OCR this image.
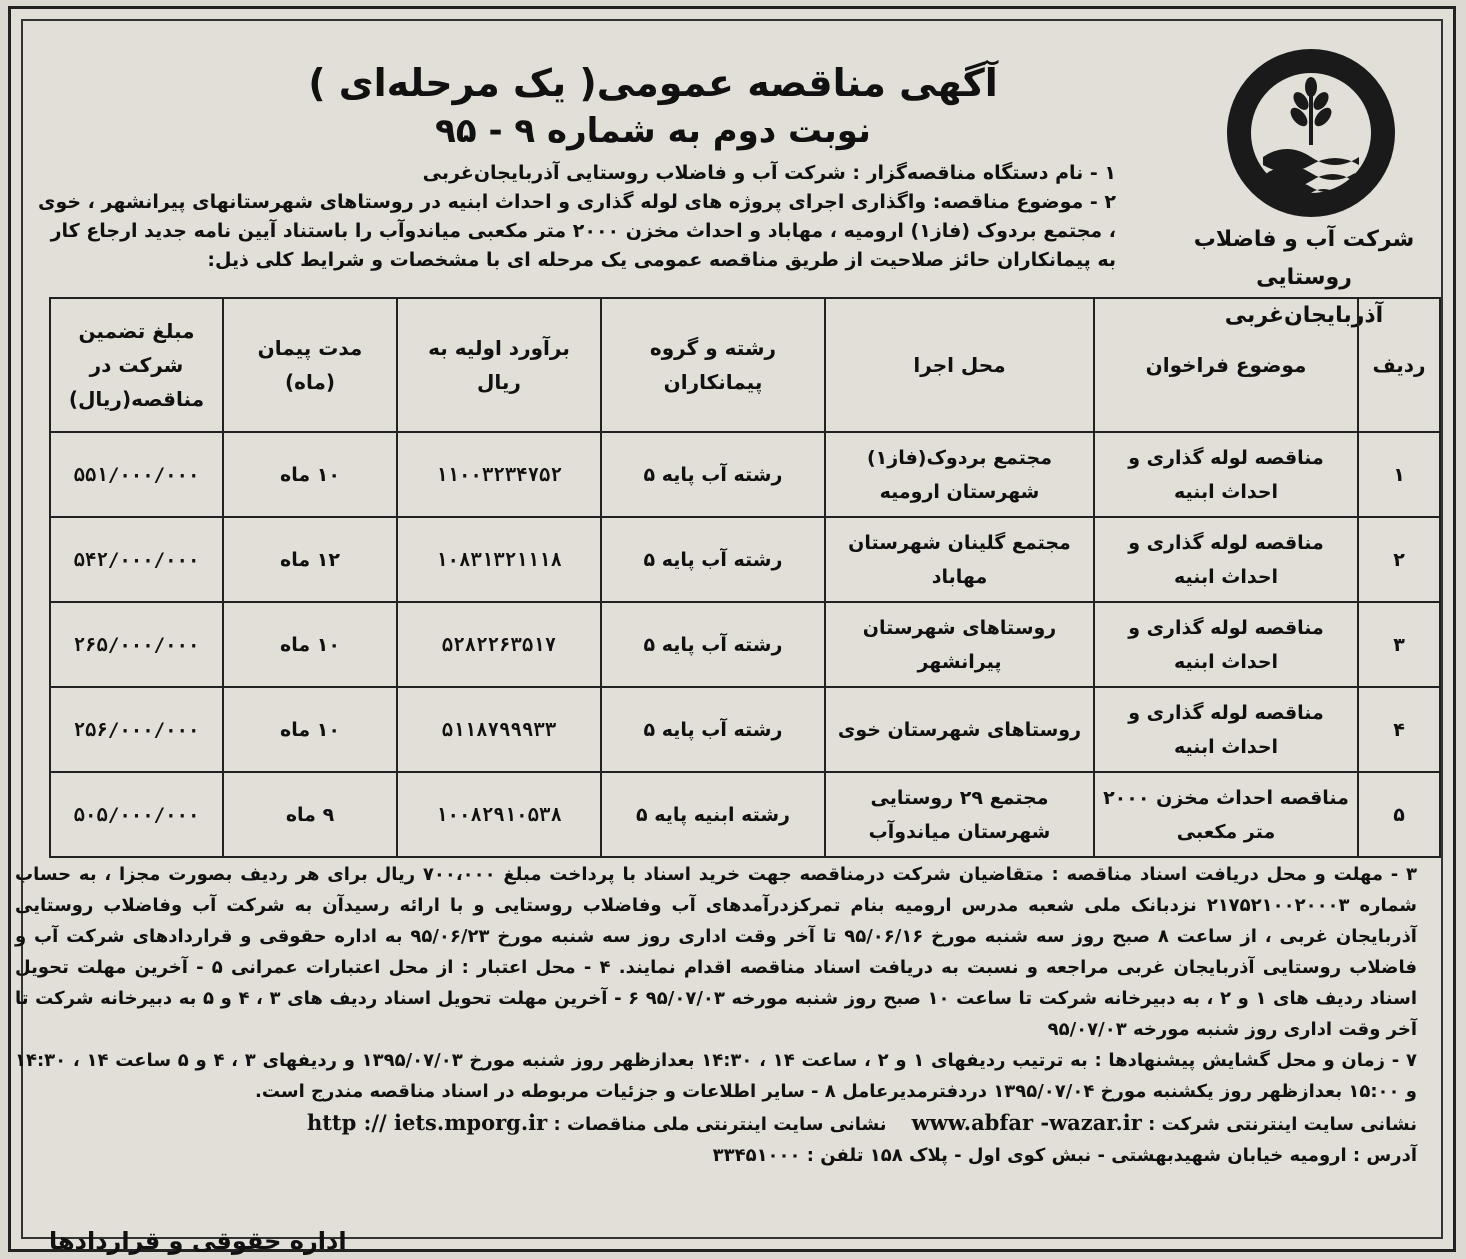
شرکت آب و فاضلاب روستایی
آذربایجان‌غربی
آگهی مناقصه عمومی( یک مرحله‌ای )
نوبت دوم به شماره ۹ - ۹۵

۱ - نام دستگاه مناقصه‌گزار : شرکت آب و فاضلاب روستایی آذربایجان‌غربی

۲ - موضوع مناقصه: واگذاری اجرای پروژه های لوله گذاری و احداث ابنیه در روستاهای شهرستانهای پیرانشهر ، خوی ، مجتمع بردوک (فاز۱) ارومیه ، مهاباد و احداث مخزن ۲۰۰۰ متر مکعبی میاندوآب را باستناد آیین نامه جدید ارجاع کار به پیمانکاران حائز صلاحیت از طریق مناقصه عمومی یک مرحله ای با مشخصات و شرایط کلی ذیل:

ردیف	موضوع فراخوان	محل اجرا	رشته و گروه پیمانکاران	برآورد اولیه به ریال	مدت پیمان (ماه)	مبلغ تضمین شرکت در مناقصه(ریال)
۱	مناقصه لوله گذاری و احداث ابنیه	مجتمع بردوک(فاز۱) شهرستان ارومیه	رشته آب پایه ۵	۱۱۰۰۳۲۳۴۷۵۲	۱۰ ماه	۵۵۱/۰۰۰/۰۰۰
۲	مناقصه لوله گذاری و احداث ابنیه	مجتمع گلینان شهرستان مهاباد	رشته آب پایه ۵	۱۰۸۳۱۳۲۱۱۱۸	۱۲ ماه	۵۴۲/۰۰۰/۰۰۰
۳	مناقصه لوله گذاری و احداث ابنیه	روستاهای شهرستان پیرانشهر	رشته آب پایه ۵	۵۲۸۲۲۶۳۵۱۷	۱۰ ماه	۲۶۵/۰۰۰/۰۰۰
۴	مناقصه لوله گذاری و احداث ابنیه	روستاهای شهرستان خوی	رشته آب پایه ۵	۵۱۱۸۷۹۹۹۳۳	۱۰ ماه	۲۵۶/۰۰۰/۰۰۰
۵	مناقصه احداث مخزن ۲۰۰۰ متر مکعبی	مجتمع ۲۹ روستایی شهرستان میاندوآب	رشته ابنیه پایه ۵	۱۰۰۸۲۹۱۰۵۳۸	۹ ماه	۵۰۵/۰۰۰/۰۰۰

۳ - مهلت و محل دریافت اسناد مناقصه : متقاضیان شرکت درمناقصه جهت خرید اسناد با پرداخت مبلغ ۷۰۰،۰۰۰ ریال برای هر ردیف بصورت مجزا ، به حساب شماره ۲۱۷۵۲۱۰۰۲۰۰۰۳ نزدبانک ملی شعبه مدرس ارومیه بنام تمرکزدرآمدهای آب وفاضلاب روستایی و با ارائه رسیدآن به شرکت آب وفاضلاب روستایی آذربایجان غربی ، از ساعت ۸ صبح روز سه شنبه مورخ ۹۵/۰۶/۱۶ تا آخر وقت اداری روز سه شنبه مورخ ۹۵/۰۶/۲۳ به اداره حقوقی و قراردادهای شرکت آب و فاضلاب روستایی آذربایجان غربی مراجعه و نسبت به دریافت اسناد مناقصه اقدام نمایند. ۴ - محل اعتبار : از محل اعتبارات عمرانی ۵ - آخرین مهلت تحویل اسناد ردیف های ۱ و ۲ ، به دبیرخانه شرکت تا ساعت ۱۰ صبح روز شنبه مورخه ۹۵/۰۷/۰۳ ۶ - آخرین مهلت تحویل اسناد ردیف های ۳ ، ۴ و ۵ به دبیرخانه شرکت تا آخر وقت اداری روز شنبه مورخه ۹۵/۰۷/۰۳

۷ - زمان و محل گشایش پیشنهادها : به ترتیب ردیفهای ۱ و ۲ ، ساعت ۱۴ ، ۱۴:۳۰ بعدازظهر روز شنبه مورخ ۱۳۹۵/۰۷/۰۳ و ردیفهای ۳ ، ۴ و ۵ ساعت ۱۴ ، ۱۴:۳۰ و ۱۵:۰۰ بعدازظهر روز یکشنبه مورخ ۱۳۹۵/۰۷/۰۴ دردفترمدیرعامل ۸ - سایر اطلاعات و جزئیات مربوطه در اسناد مناقصه مندرج است.

نشانی سایت اینترنتی شرکت : www.abfar -wazar.ir    نشانی سایت اینترنتی ملی مناقصات : http :// iets.mporg.ir

آدرس : ارومیه خیابان شهیدبهشتی - نبش کوی اول - پلاک ۱۵۸ تلفن : ۳۳۴۵۱۰۰۰

اداره حقوقی و قراردادها
